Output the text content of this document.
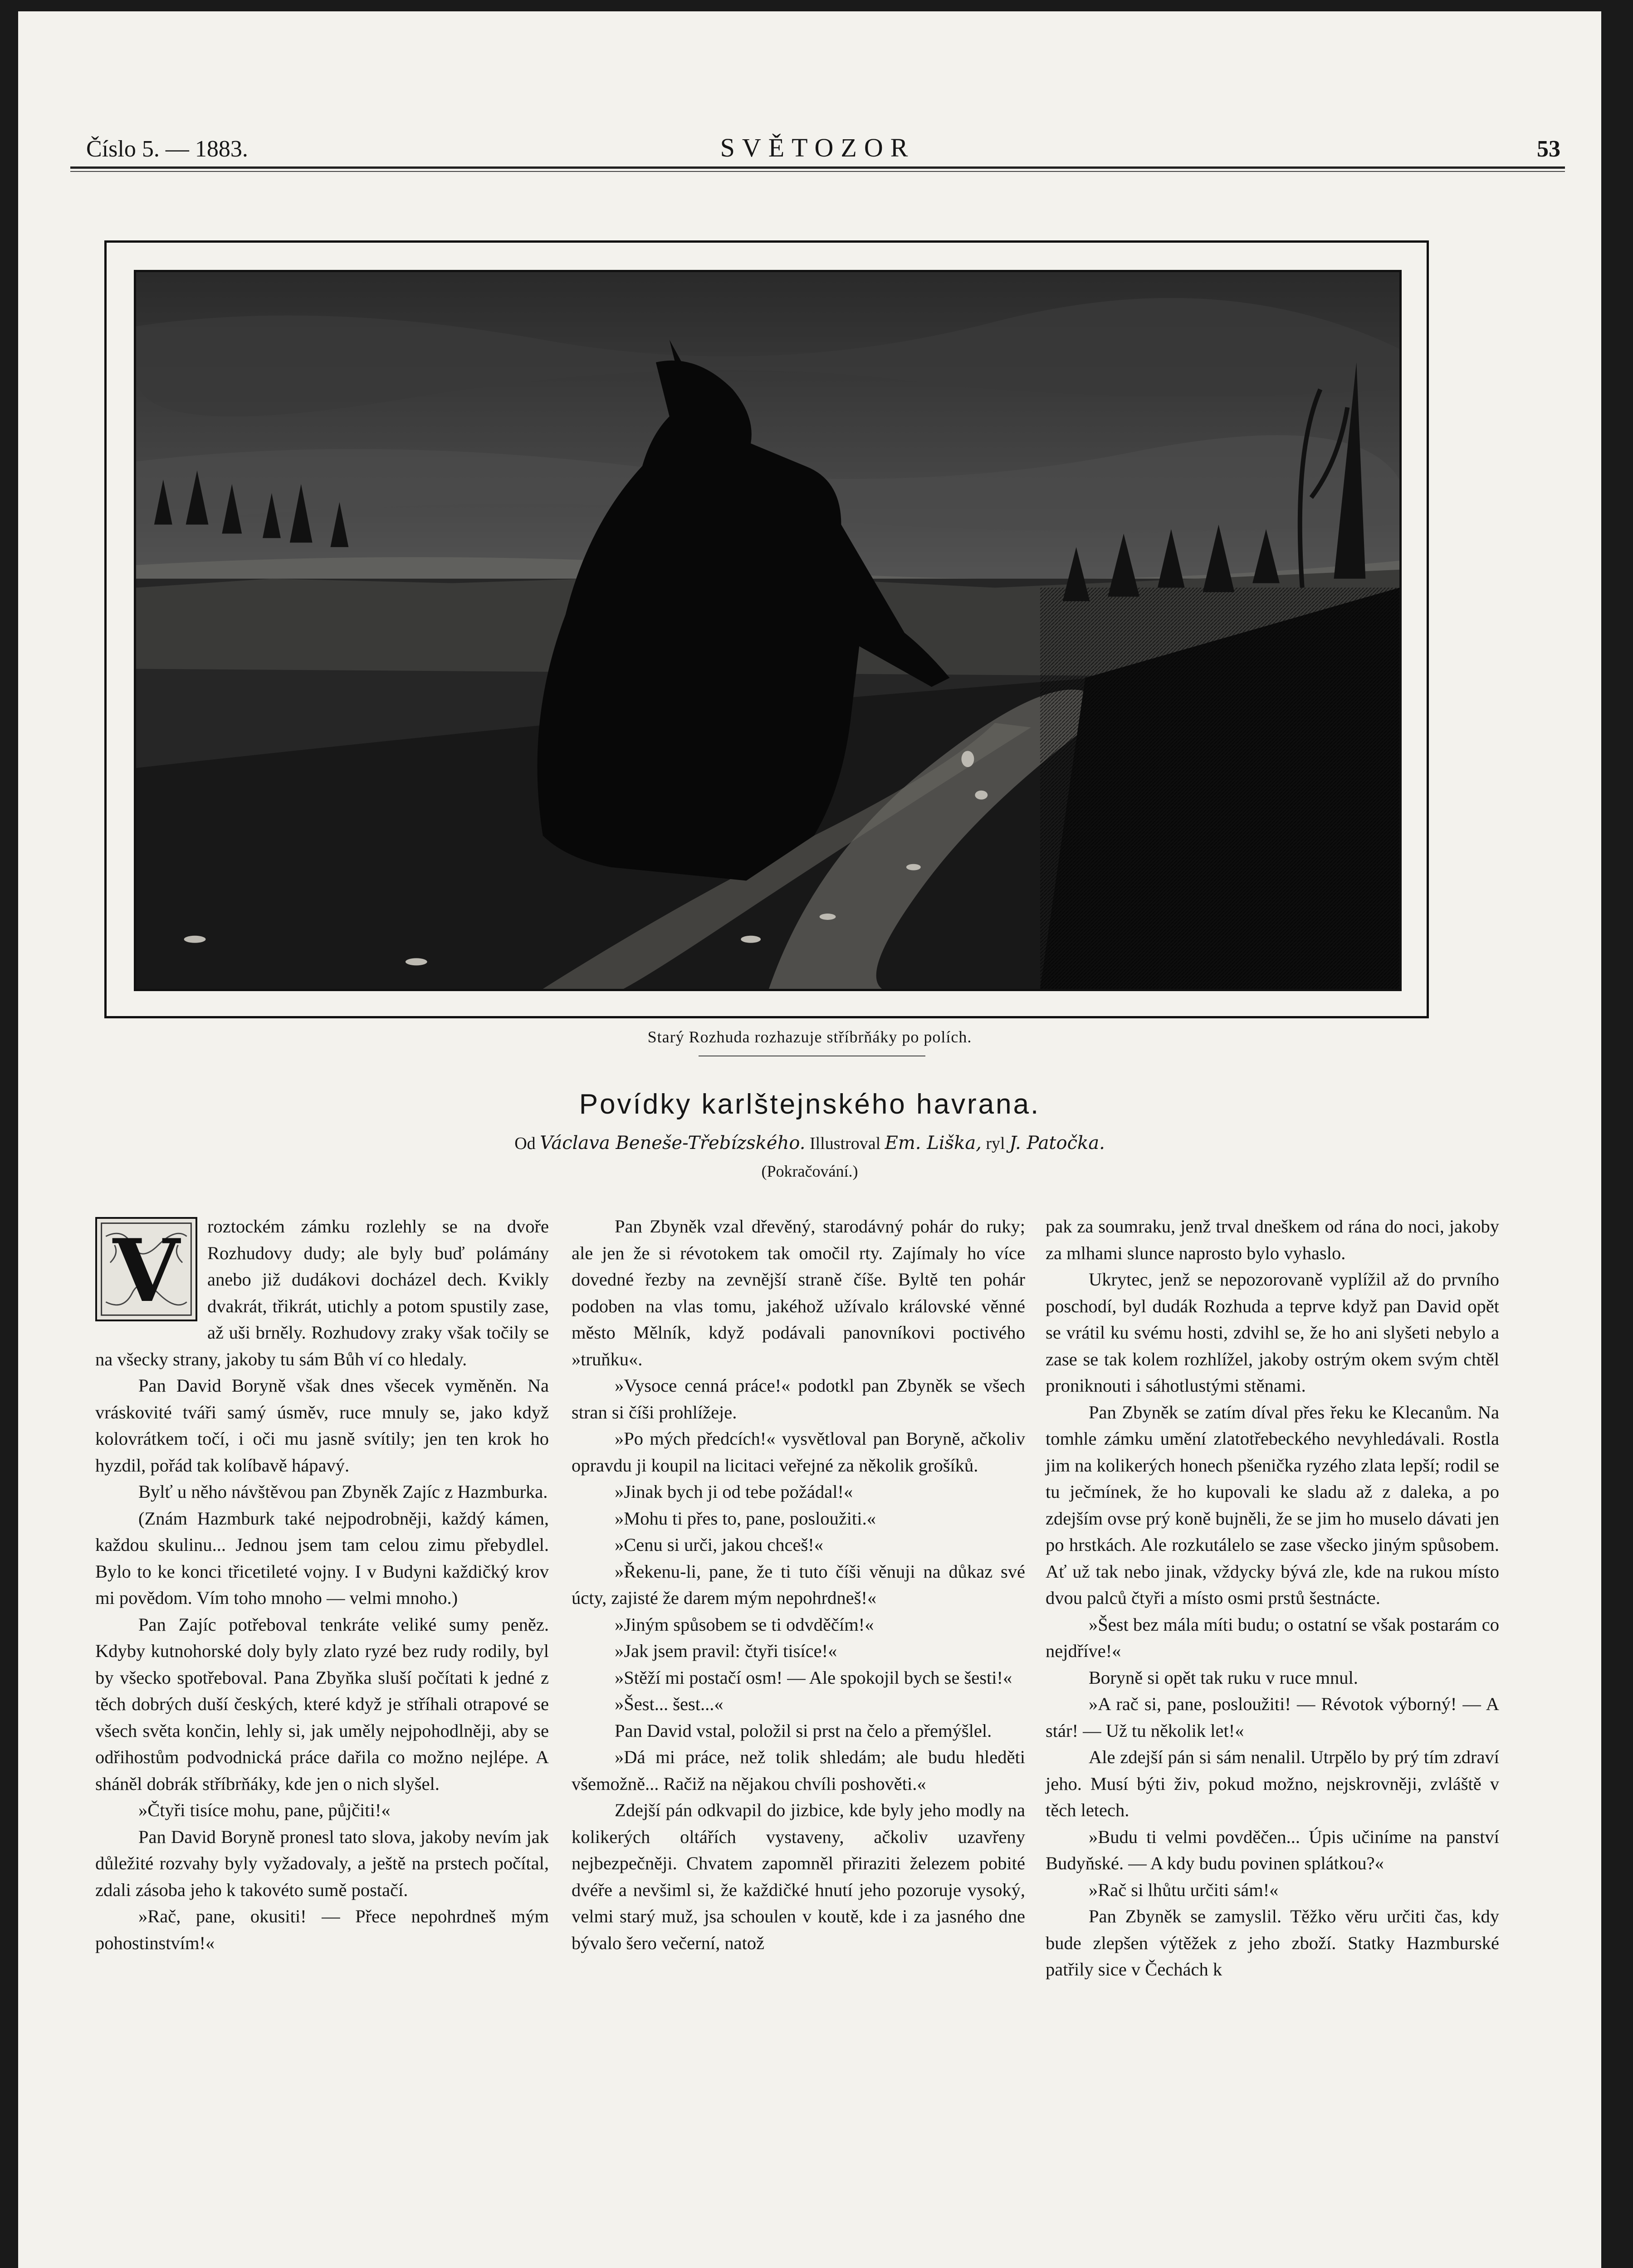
Číslo 5. — 1883.	SVĚTOZOR	53
Starý Rozhuda rozhazuje stříbrňáky po polích.
Povídky karlštejnského havrana.
Od Václava Beneše-Třebízského. Illustroval Em. Liška, ryl J. Patočka.
(Pokračování.)
V	roztockém zámku rozlehly se na dvoře Rozhudovy dudy; ale byly buď polámány anebo již dudákovi docházel dech. Kvikly dvakrát, třikrát, utichly a potom spustily zase, až uši brněly. Rozhudovy zraky však točily se na všecky strany, jakoby tu sám Bůh ví co hledaly.

Pan David Boryně však dnes všecek vyměněn. Na vráskovité tváři samý úsměv, ruce mnuly se, jako když kolovrátkem točí, i oči mu jasně svítily; jen ten krok ho hyzdil, pořád tak kolíbavě hápavý.

Bylť u něho návštěvou pan Zbyněk Zajíc z Hazmburka.

(Znám Hazmburk také nejpodrobněji, každý kámen, každou skulinu... Jednou jsem tam celou zimu přebydlel. Bylo to ke konci třicetileté vojny. I v Budyni každičký krov mi povědom. Vím toho mnoho — velmi mnoho.)

Pan Zajíc potřeboval tenkráte veliké sumy peněz. Kdyby kutnohorské doly byly zlato ryzé bez rudy rodily, byl by všecko spotřeboval. Pana Zbyňka sluší počítati k jedné z těch dobrých duší českých, které když je stříhali otrapové se všech světa končin, lehly si, jak uměly nejpohodlněji, aby se odřihostům podvodnická práce dařila co možno nejlépe. A sháněl dobrák stříbrňáky, kde jen o nich slyšel.

»Čtyři tisíce mohu, pane, půjčiti!«

Pan David Boryně pronesl tato slova, jakoby nevím jak důležité rozvahy byly vyžadovaly, a ještě na prstech počítal, zdali zásoba jeho k takovéto sumě postačí.

»Rač, pane, okusiti! — Přece nepohrdneš mým pohostinstvím!«

Pan Zbyněk vzal dřevěný, starodávný pohár do ruky; ale jen že si révotokem tak omočil rty. Zajímaly ho více dovedné řezby na zevnější straně číše. Byltě ten pohár podoben na vlas tomu, jakéhož užívalo královské věnné město Mělník, když podávali panovníkovi poctivého »truňku«.

»Vysoce cenná práce!« podotkl pan Zbyněk se všech stran si číši prohlížeje.

»Po mých předcích!« vysvětloval pan Boryně, ačkoliv opravdu ji koupil na licitaci veřejné za několik grošíků.

»Jinak bych ji od tebe požádal!«

»Mohu ti přes to, pane, posloužiti.«

»Cenu si urči, jakou chceš!«

»Řekenu-li, pane, že ti tuto číši věnuji na důkaz své úcty, zajisté že darem mým nepohrdneš!«

»Jiným spůsobem se ti odvděčím!«

»Jak jsem pravil: čtyři tisíce!«

»Stěží mi postačí osm! — Ale spokojil bych se šesti!«

»Šest... šest...«

Pan David vstal, položil si prst na čelo a přemýšlel.

»Dá mi práce, než tolik shledám; ale budu hleděti všemožně... Račiž na nějakou chvíli poshověti.«

Zdejší pán odkvapil do jizbice, kde byly jeho modly na kolikerých oltářích vystaveny, ačkoliv uzavřeny nejbezpečněji. Chvatem zapomněl přiraziti železem pobité dvéře a nevšiml si, že každičké hnutí jeho pozoruje vysoký, velmi starý muž, jsa schoulen v koutě, kde i za jasného dne bývalo šero večerní, natož

pak za soumraku, jenž trval dneškem od rána do noci, jakoby za mlhami slunce naprosto bylo vyhaslo.

Ukrytec, jenž se nepozorovaně vyplížil až do prvního poschodí, byl dudák Rozhuda a teprve když pan David opět se vrátil ku svému hosti, zdvihl se, že ho ani slyšeti nebylo a zase se tak kolem rozhlížel, jakoby ostrým okem svým chtěl proniknouti i sáhotlustými stěnami.

Pan Zbyněk se zatím díval přes řeku ke Klecanům. Na tomhle zámku umění zlatotřebeckého nevyhledávali. Rostla jim na kolikerých honech pšenička ryzého zlata lepší; rodil se tu ječmínek, že ho kupovali ke sladu až z daleka, a po zdejším ovse prý koně bujněli, že se jim ho muselo dávati jen po hrstkách. Ale rozkutálelo se zase všecko jiným spůsobem. Ať už tak nebo jinak, vždycky bývá zle, kde na rukou místo dvou palců čtyři a místo osmi prstů šestnácte.

»Šest bez mála míti budu; o ostatní se však postarám co nejdříve!«

Boryně si opět tak ruku v ruce mnul.

»A rač si, pane, posloužiti! — Révotok výborný! — A stár! — Už tu několik let!«

Ale zdejší pán si sám nenalil. Utrpělo by prý tím zdraví jeho. Musí býti živ, pokud možno, nejskrovněji, zvláště v těch letech.

»Budu ti velmi povděčen... Úpis učiníme na panství Budyňské. — A kdy budu povinen splátkou?«

»Rač si lhůtu určiti sám!«

Pan Zbyněk se zamyslil. Těžko věru určiti čas, kdy bude zlepšen výtěžek z jeho zboží. Statky Hazmburské patřily sice v Čechách k
